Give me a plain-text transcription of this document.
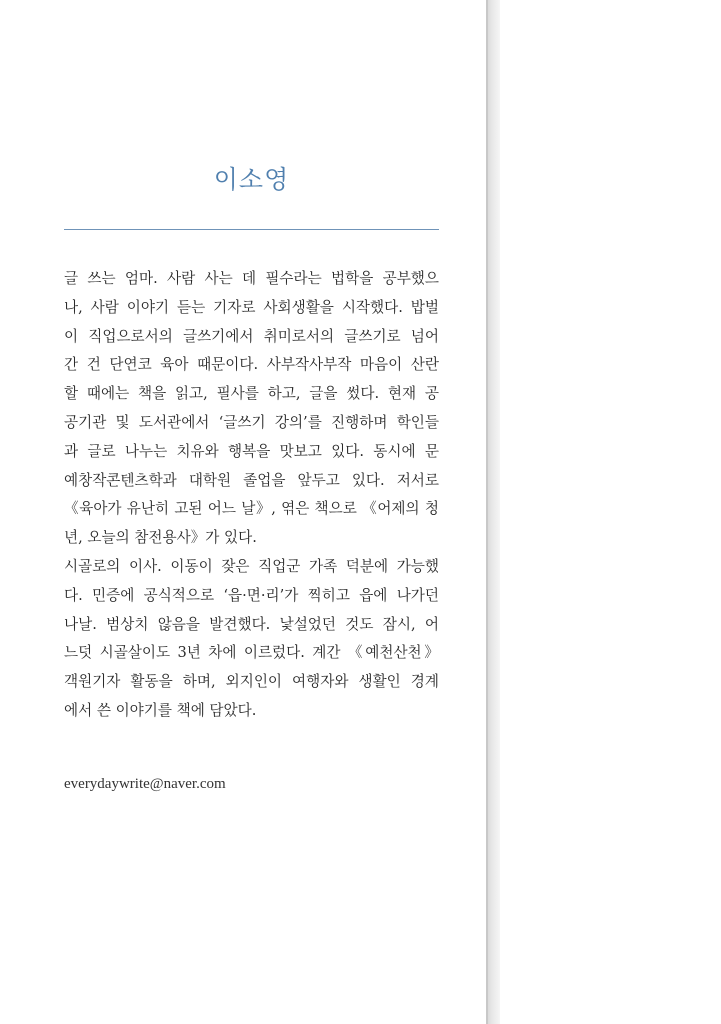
이소영
글 쓰는 엄마. 사람 사는 데 필수라는 법학을 공부했으
나, 사람 이야기 듣는 기자로 사회생활을 시작했다. 밥벌
이 직업으로서의 글쓰기에서 취미로서의 글쓰기로 넘어
간 건 단연코 육아 때문이다. 사부작사부작 마음이 산란
할 때에는 책을 읽고, 필사를 하고, 글을 썼다. 현재 공
공기관 및 도서관에서 ‘글쓰기 강의’를 진행하며 학인들
과 글로 나누는 치유와 행복을 맛보고 있다. 동시에 문
예창작콘텐츠학과 대학원 졸업을 앞두고 있다. 저서로
《육아가 유난히 고된 어느 날》, 엮은 책으로 《어제의 청
년, 오늘의 참전용사》가 있다.
시골로의 이사. 이동이 잦은 직업군 가족 덕분에 가능했
다. 민증에 공식적으로 ‘읍·면·리’가 찍히고 읍에 나가던
나날. 범상치 않음을 발견했다. 낯설었던 것도 잠시, 어
느덧 시골살이도 3년 차에 이르렀다. 계간 《예천산천》
객원기자 활동을 하며, 외지인이 여행자와 생활인 경계
에서 쓴 이야기를 책에 담았다.
everydaywrite@naver.com
